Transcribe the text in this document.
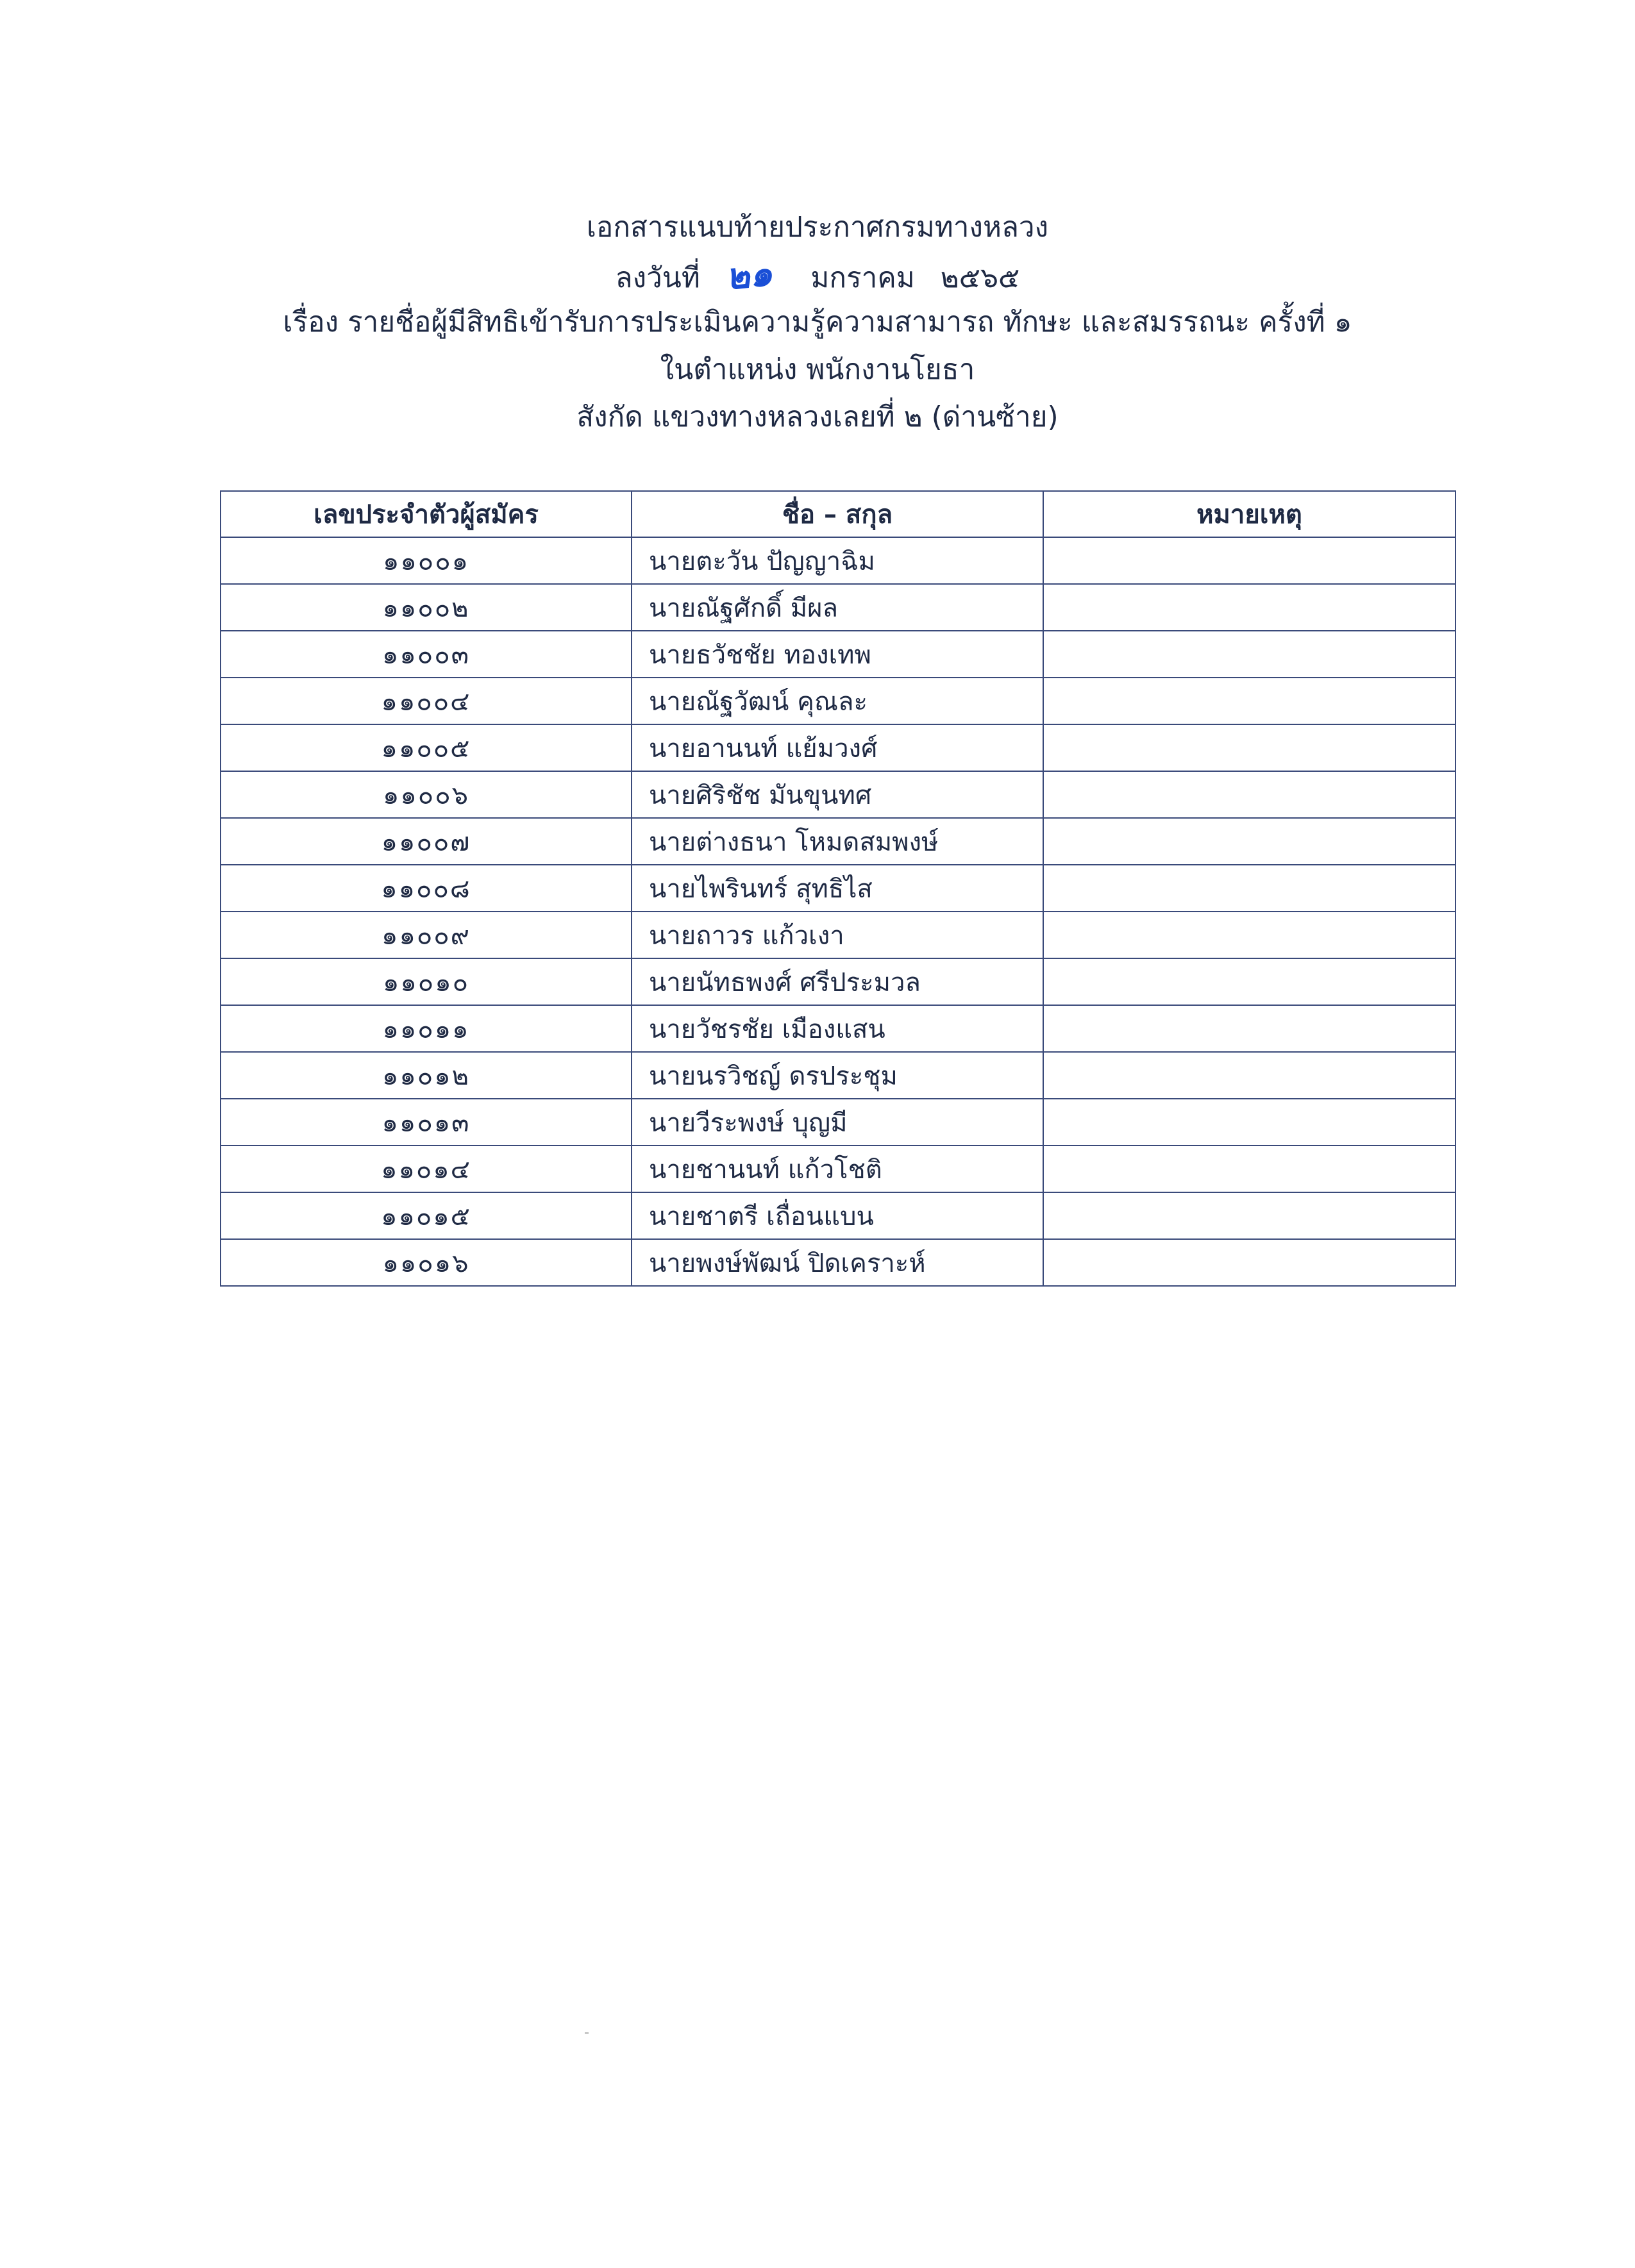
เอกสารแนบท้ายประกาศกรมทางหลวง
ลงวันที่ ๒๑ มกราคม ๒๕๖๕
เรื่อง รายชื่อผู้มีสิทธิเข้ารับการประเมินความรู้ความสามารถ ทักษะ และสมรรถนะ ครั้งที่ ๑
ในตำแหน่ง พนักงานโยธา
สังกัด แขวงทางหลวงเลยที่ ๒ (ด่านซ้าย)
เลขประจำตัวผู้สมัคร	ชื่อ – สกุล	หมายเหตุ
๑๑๐๐๑	นายตะวัน ปัญญาฉิม	
๑๑๐๐๒	นายณัฐศักดิ์ มีผล	
๑๑๐๐๓	นายธวัชชัย ทองเทพ	
๑๑๐๐๔	นายณัฐวัฒน์ คุณละ	
๑๑๐๐๕	นายอานนท์ แย้มวงศ์	
๑๑๐๐๖	นายศิริชัช มันขุนทศ	
๑๑๐๐๗	นายต่างธนา โหมดสมพงษ์	
๑๑๐๐๘	นายไพรินทร์ สุทธิไส	
๑๑๐๐๙	นายถาวร แก้วเงา	
๑๑๐๑๐	นายนัทธพงศ์ ศรีประมวล	
๑๑๐๑๑	นายวัชรชัย เมืองแสน	
๑๑๐๑๒	นายนรวิชญ์ ดรประชุม	
๑๑๐๑๓	นายวีระพงษ์ บุญมี	
๑๑๐๑๔	นายชานนท์ แก้วโชติ	
๑๑๐๑๕	นายชาตรี เถื่อนแบน	
๑๑๐๑๖	นายพงษ์พัฒน์ ปิดเคราะห์	
